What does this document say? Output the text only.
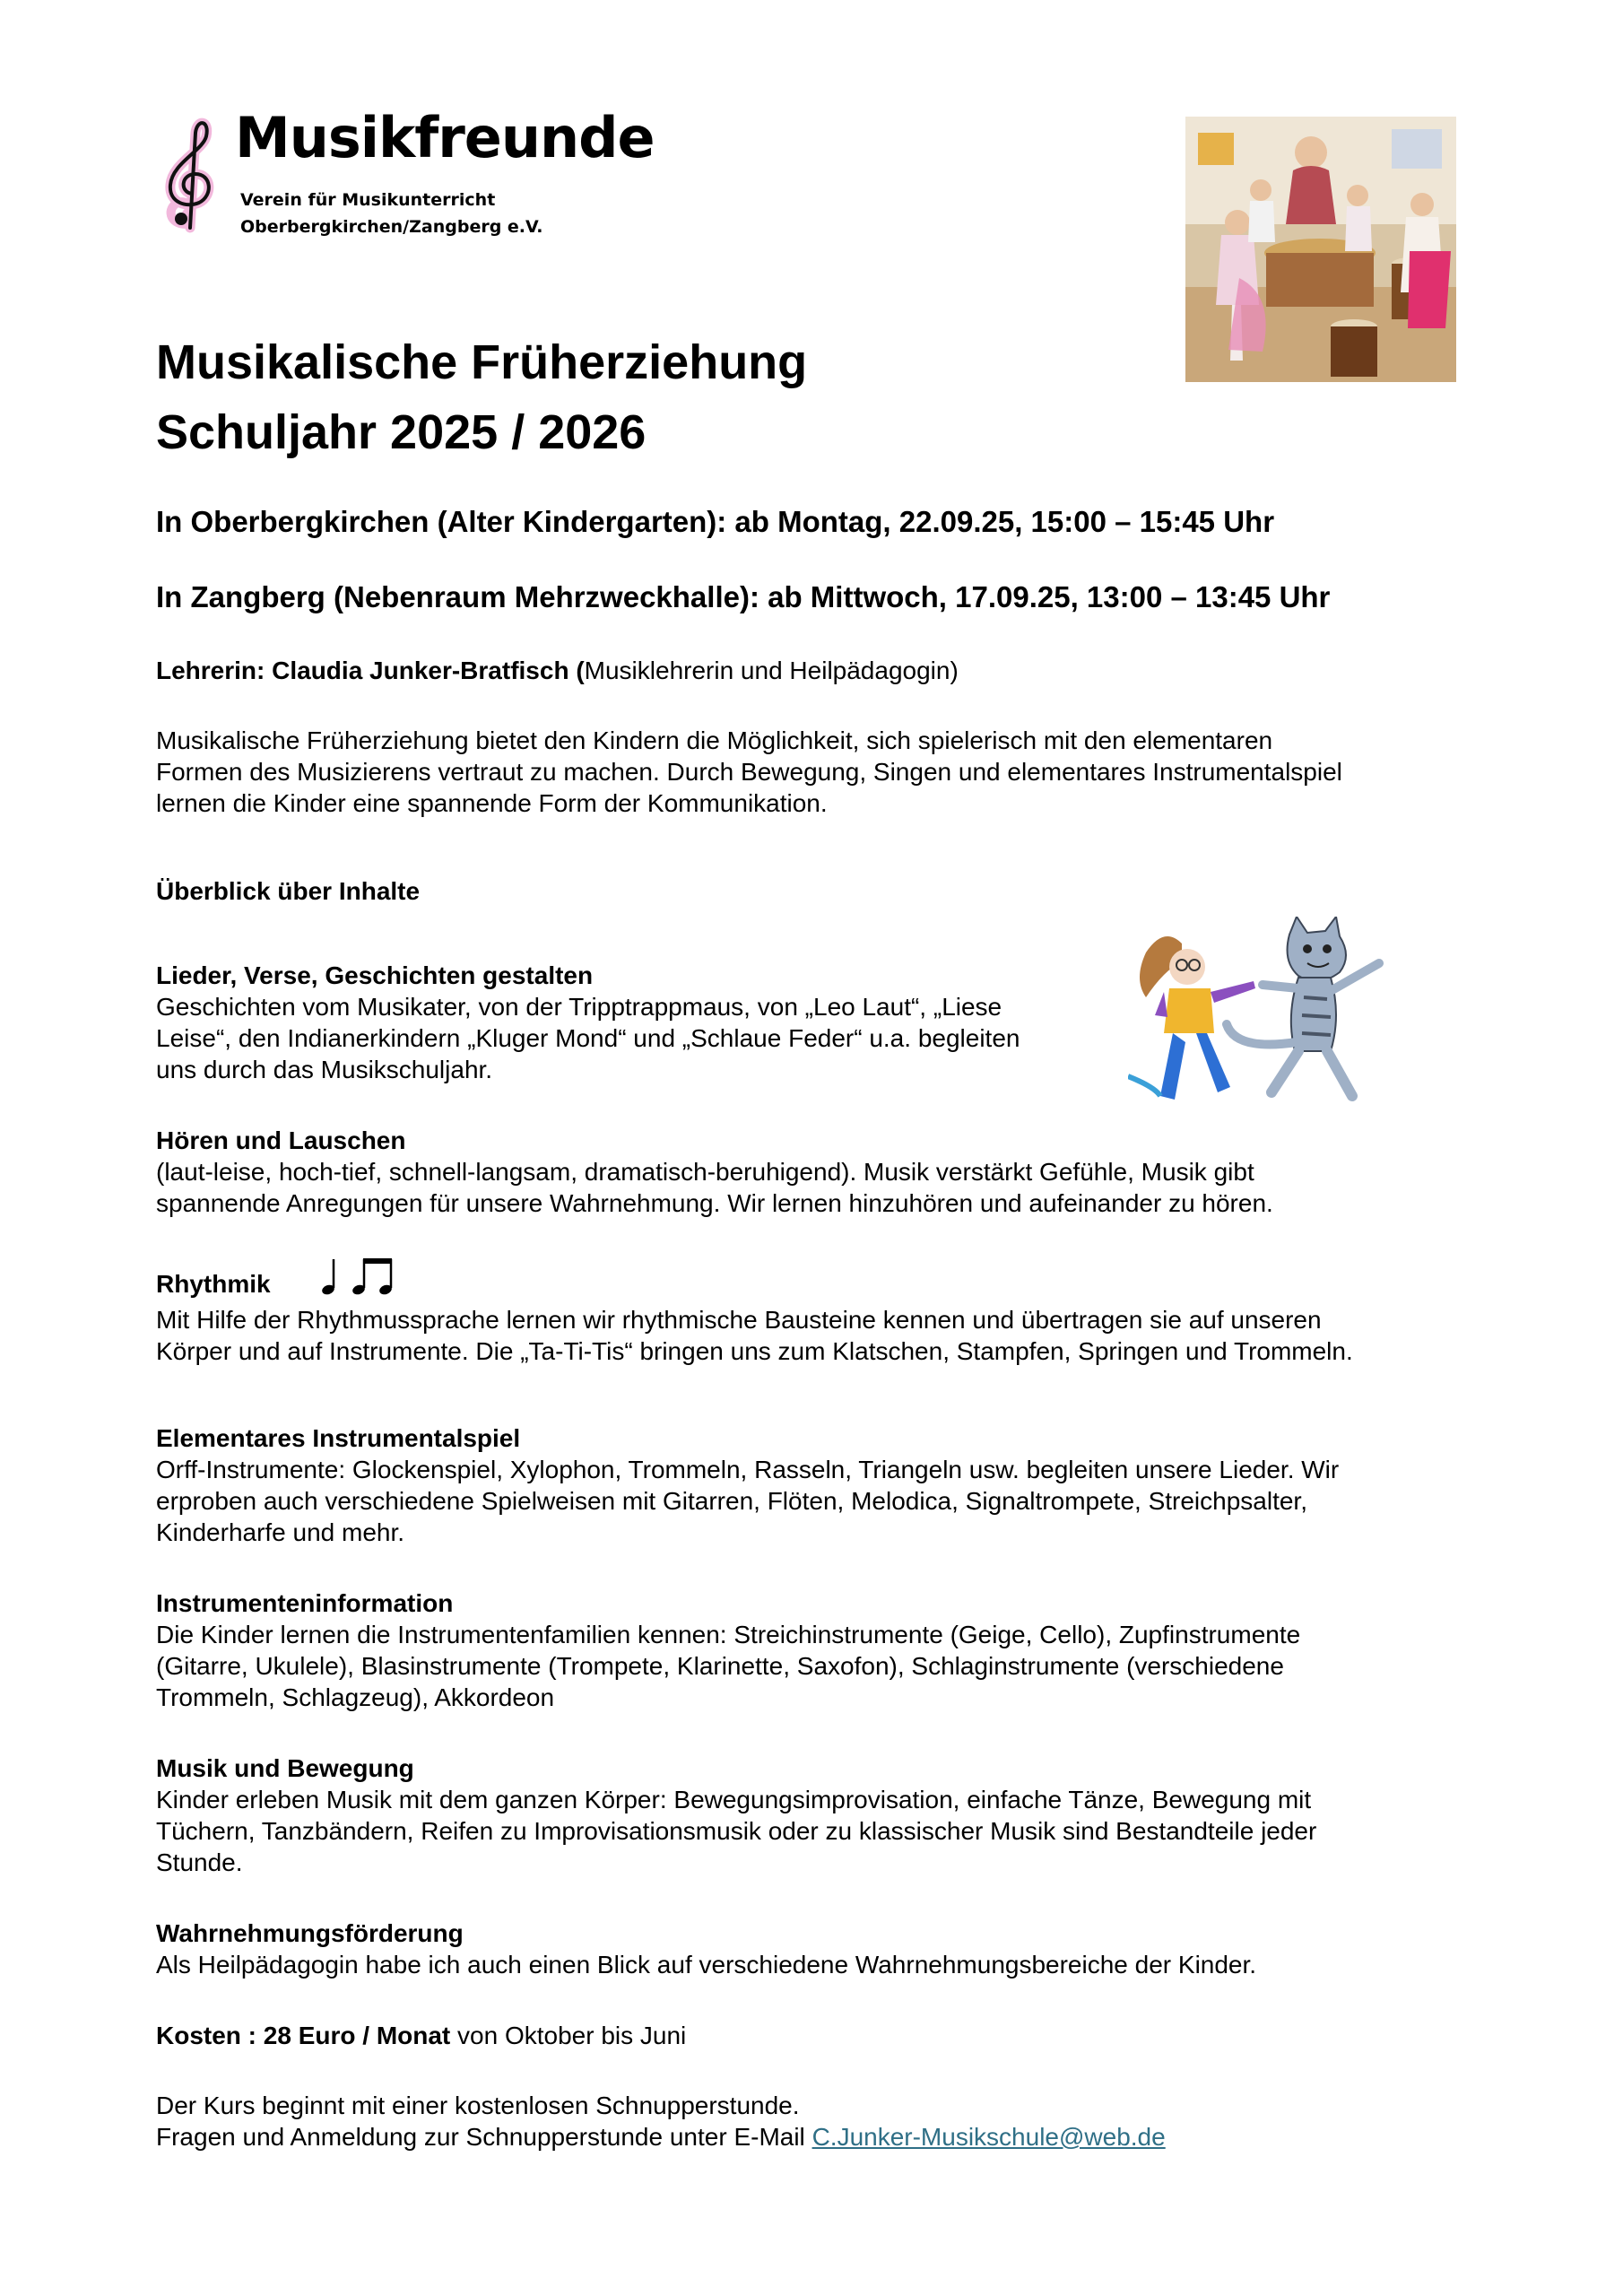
Musikfreunde
Verein für Musikunterricht
Oberbergkirchen/Zangberg e.V.
Musikalische Früherziehung
Schuljahr 2025 / 2026
In Oberbergkirchen (Alter Kindergarten): ab Montag, 22.09.25, 15:00 – 15:45 Uhr
In Zangberg (Nebenraum Mehrzweckhalle): ab Mittwoch, 17.09.25, 13:00 – 13:45 Uhr
Lehrerin: Claudia Junker-Bratfisch (Musiklehrerin und Heilpädagogin)
Musikalische Früherziehung bietet den Kindern die Möglichkeit, sich spielerisch mit den elementaren
Formen des Musizierens vertraut zu machen. Durch Bewegung, Singen und elementares Instrumentalspiel
lernen die Kinder eine spannende Form der Kommunikation.
Überblick über Inhalte
Lieder, Verse, Geschichten gestalten
Geschichten vom Musikater, von der Tripptrappmaus, von „Leo Laut“, „Liese
Leise“, den Indianerkindern „Kluger Mond“ und „Schlaue Feder“ u.a. begleiten
uns durch das Musikschuljahr.
Hören und Lauschen
(laut-leise, hoch-tief, schnell-langsam, dramatisch-beruhigend). Musik verstärkt Gefühle, Musik gibt
spannende Anregungen für unsere Wahrnehmung. Wir lernen hinzuhören und aufeinander zu hören.
Rhythmik
Mit Hilfe der Rhythmussprache lernen wir rhythmische Bausteine kennen und übertragen sie auf unseren
Körper und auf Instrumente. Die „Ta-Ti-Tis“ bringen uns zum Klatschen, Stampfen, Springen und Trommeln.
Elementares Instrumentalspiel
Orff-Instrumente: Glockenspiel, Xylophon, Trommeln, Rasseln, Triangeln usw. begleiten unsere Lieder. Wir
erproben auch verschiedene Spielweisen mit Gitarren, Flöten, Melodica, Signaltrompete, Streichpsalter,
Kinderharfe und mehr.
Instrumenteninformation
Die Kinder lernen die Instrumentenfamilien kennen: Streichinstrumente (Geige, Cello), Zupfinstrumente
(Gitarre, Ukulele), Blasinstrumente (Trompete, Klarinette, Saxofon), Schlaginstrumente (verschiedene
Trommeln, Schlagzeug), Akkordeon
Musik und Bewegung
Kinder erleben Musik mit dem ganzen Körper: Bewegungsimprovisation, einfache Tänze, Bewegung mit
Tüchern, Tanzbändern, Reifen zu Improvisationsmusik oder zu klassischer Musik sind Bestandteile jeder
Stunde.
Wahrnehmungsförderung
Als Heilpädagogin habe ich auch einen Blick auf verschiedene Wahrnehmungsbereiche der Kinder.
Kosten : 28 Euro / Monat von Oktober bis Juni
Der Kurs beginnt mit einer kostenlosen Schnupperstunde.
Fragen und Anmeldung zur Schnupperstunde unter E-Mail C.Junker-Musikschule@web.de
